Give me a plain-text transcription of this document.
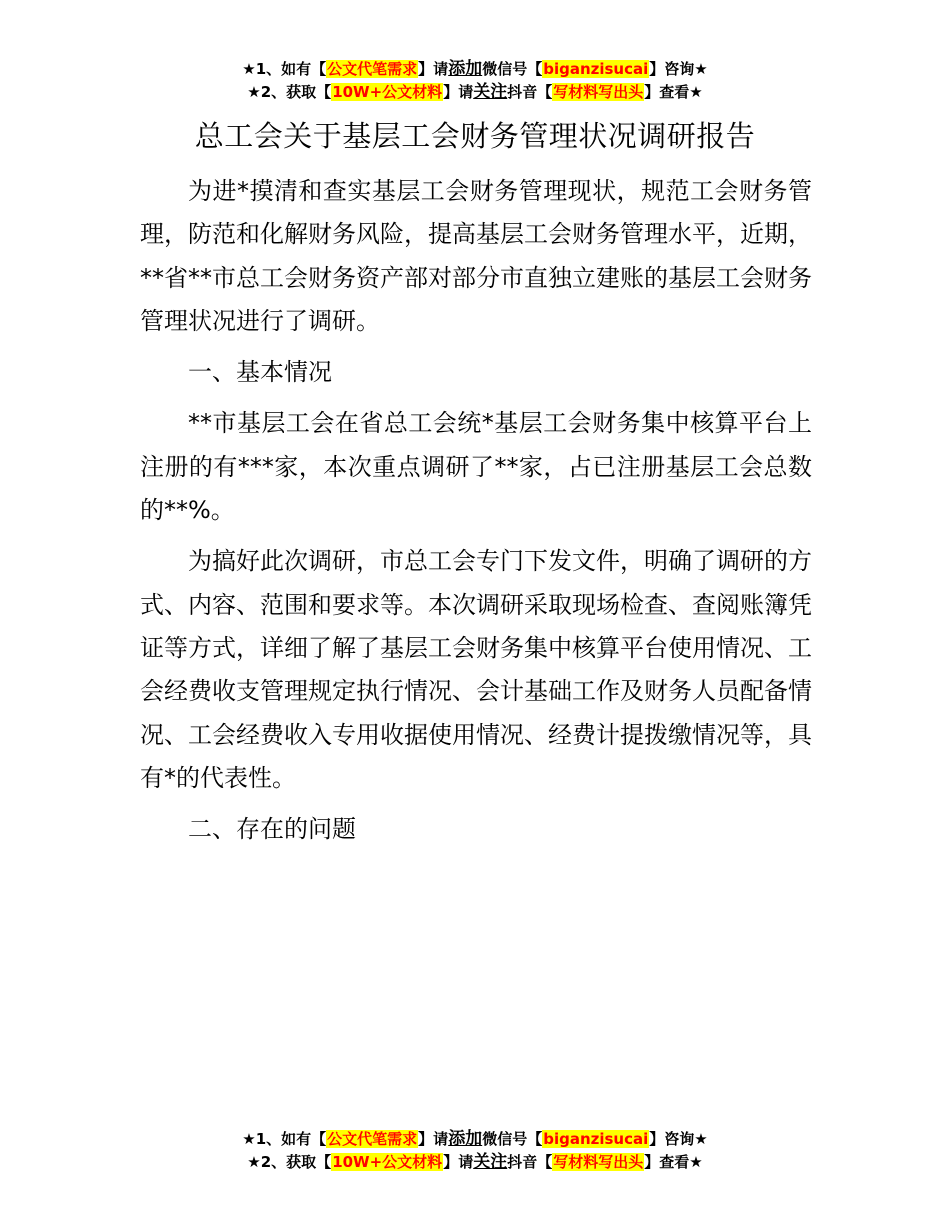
★1、如有【公文代笔需求】请添加微信号【biganzisucai】咨询★
★2、获取【10W+公文材料】请关注抖音【写材料写出头】查看★
总工会关于基层工会财务管理状况调研报告

为进*摸清和查实基层工会财务管理现状，规范工会财务管理，防范和化解财务风险，提高基层工会财务管理水平，近期，**省**市总工会财务资产部对部分市直独立建账的基层工会财务管理状况进行了调研。

一、基本情况

**市基层工会在省总工会统*基层工会财务集中核算平台上注册的有***家，本次重点调研了**家，占已注册基层工会总数的**%。

为搞好此次调研，市总工会专门下发文件，明确了调研的方式、内容、范围和要求等。本次调研采取现场检查、查阅账簿凭证等方式，详细了解了基层工会财务集中核算平台使用情况、工会经费收支管理规定执行情况、会计基础工作及财务人员配备情况、工会经费收入专用收据使用情况、经费计提拨缴情况等，具有*的代表性。

二、存在的问题

★1、如有【公文代笔需求】请添加微信号【biganzisucai】咨询★
★2、获取【10W+公文材料】请关注抖音【写材料写出头】查看★
